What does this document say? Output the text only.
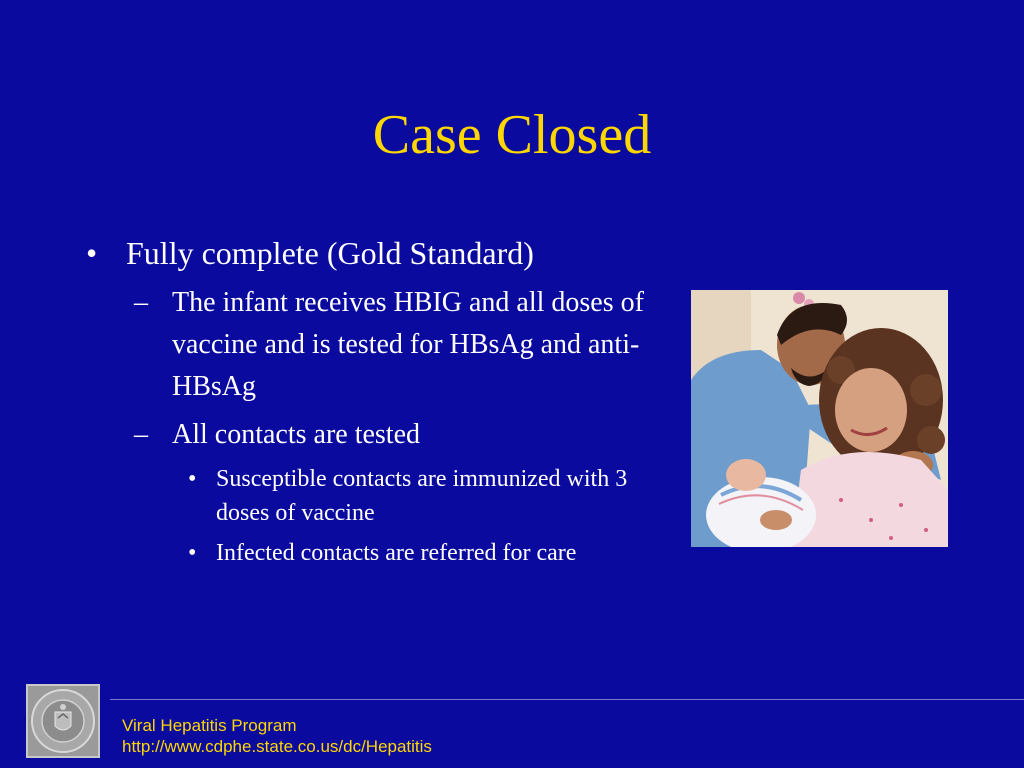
Case Closed
• Fully complete (Gold Standard)
– The infant receives HBIG and all doses of vaccine and is tested for HBsAg and anti-HBsAg
– All contacts are tested
• Susceptible contacts are immunized with 3 doses of vaccine
• Infected contacts are referred for care
Viral Hepatitis Program
http://www.cdphe.state.co.us/dc/Hepatitis
